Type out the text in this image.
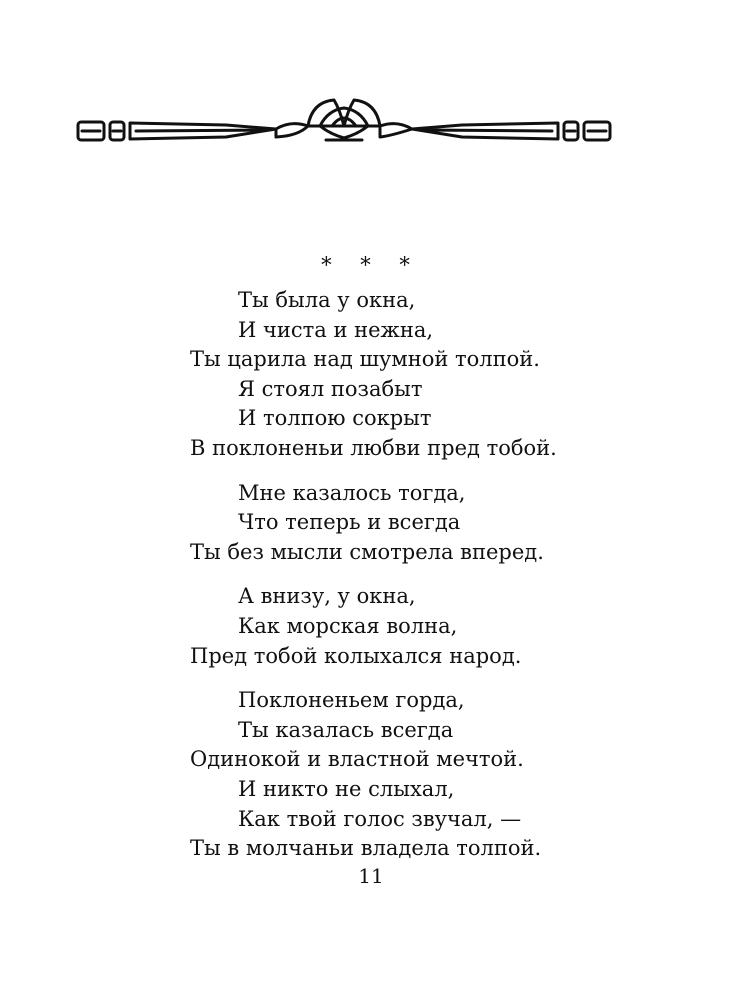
* * *
Ты была у окна,
И чиста и нежна,
Ты царила над шумной толпой.
Я стоял позабыт
И толпою сокрыт
В поклоненьи любви пред тобой.
Мне казалось тогда,
Что теперь и всегда
Ты без мысли смотрела вперед.
А внизу, у окна,
Как морская волна,
Пред тобой колыхался народ.
Поклоненьем горда,
Ты казалась всегда
Одинокой и властной мечтой.
И никто не слыхал,
Как твой голос звучал, —
Ты в молчаньи владела толпой.
11
